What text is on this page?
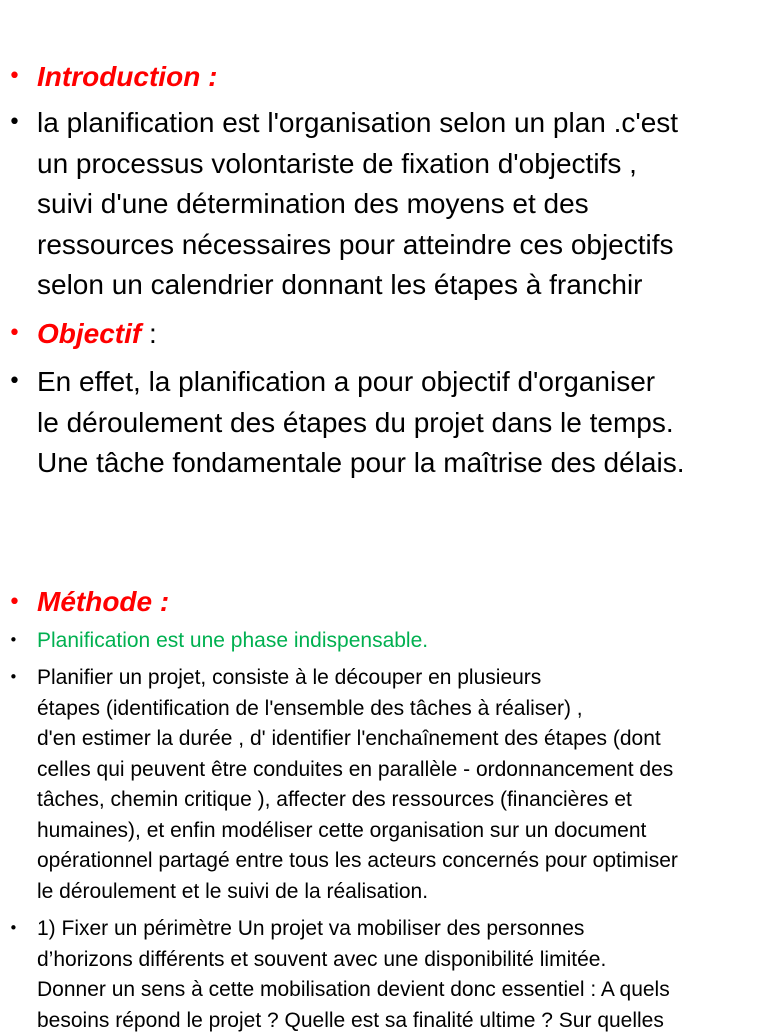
• Introduction :
• la planification est l'organisation selon un plan .c'est
un processus volontariste de fixation d'objectifs ,
suivi d'une détermination des moyens et des
ressources nécessaires pour atteindre ces objectifs
selon un calendrier donnant les étapes à franchir
• Objectif :
• En effet, la planification a pour objectif d'organiser
le déroulement des étapes du projet dans le temps.
Une tâche fondamentale pour la maîtrise des délais.
• Méthode :
• Planification est une phase indispensable.
• Planifier un projet, consiste à le découper en plusieurs
étapes (identification de l'ensemble des tâches à réaliser) ,
d'en estimer la durée , d' identifier l'enchaînement des étapes (dont
celles qui peuvent être conduites en parallèle - ordonnancement des
tâches, chemin critique ), affecter des ressources (financières et
humaines), et enfin modéliser cette organisation sur un document
opérationnel partagé entre tous les acteurs concernés pour optimiser
le déroulement et le suivi de la réalisation.
• 1) Fixer un périmètre Un projet va mobiliser des personnes
d’horizons différents et souvent avec une disponibilité limitée.
Donner un sens à cette mobilisation devient donc essentiel : A quels
besoins répond le projet ? Quelle est sa finalité ultime ? Sur quelles
